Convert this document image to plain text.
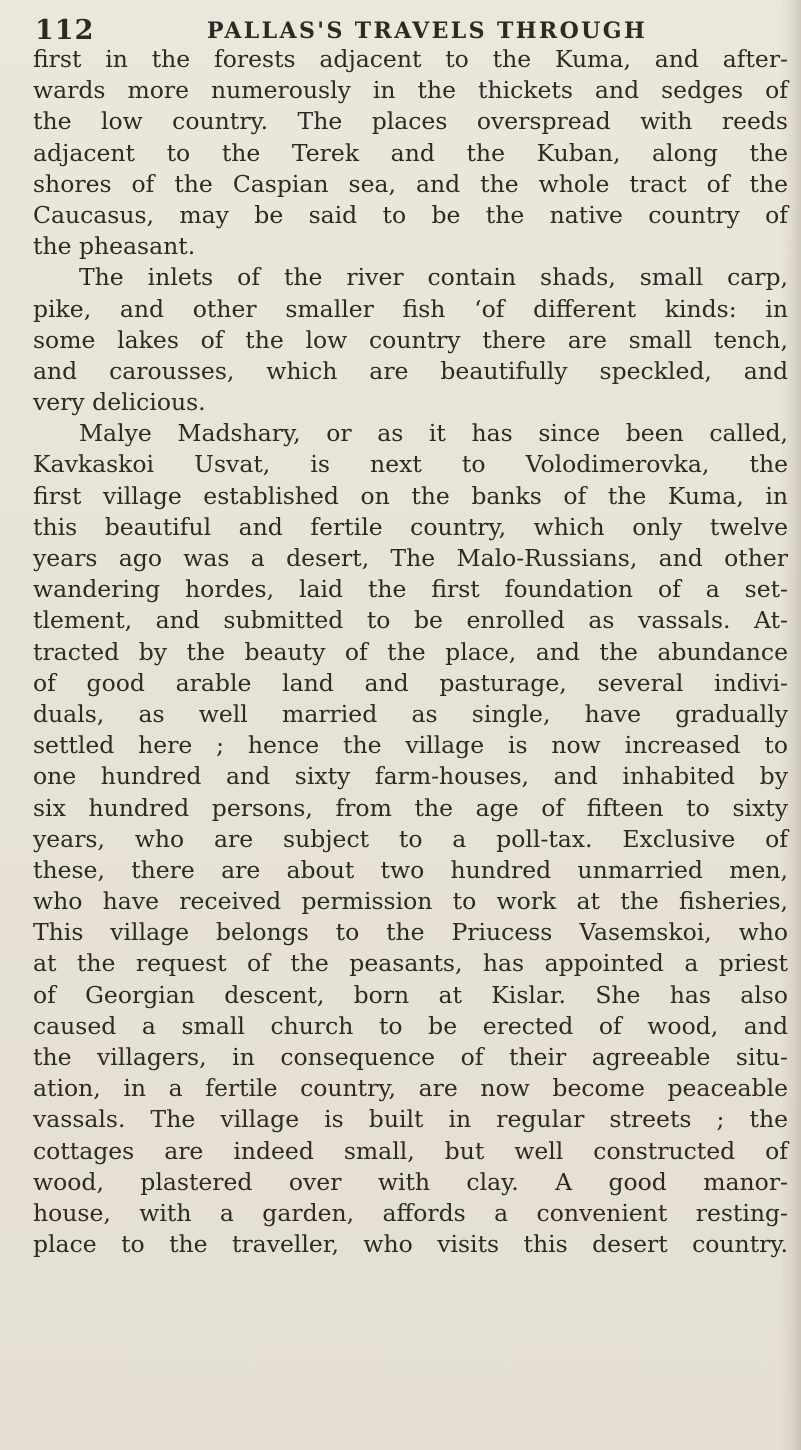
112	PALLAS'S TRAVELS THROUGH
first in the forests adjacent to the Kuma, and after-
wards more numerously in the thickets and sedges of
the low country. The places overspread with reeds
adjacent to the Terek and the Kuban, along the
shores of the Caspian sea, and the whole tract of the
Caucasus, may be said to be the native country of
the pheasant.
The inlets of the river contain shads, small carp,
pike, and other smaller fish ‘of different kinds: in
some lakes of the low country there are small tench,
and carousses, which are beautifully speckled, and
very delicious.
Malye Madshary, or as it has since been called,
Kavkaskoi Usvat, is next to Volodimerovka, the
first village established on the banks of the Kuma, in
this beautiful and fertile country, which only twelve
years ago was a desert, The Malo-Russians, and other
wandering hordes, laid the first foundation of a set-
tlement, and submitted to be enrolled as vassals. At-
tracted by the beauty of the place, and the abundance
of good arable land and pasturage, several indivi-
duals, as well married as single, have gradually
settled here ; hence the village is now increased to
one hundred and sixty farm-houses, and inhabited by
six hundred persons, from the age of fifteen to sixty
years, who are subject to a poll-tax. Exclusive of
these, there are about two hundred unmarried men,
who have received permission to work at the fisheries,
This village belongs to the Priucess Vasemskoi, who
at the request of the peasants, has appointed a priest
of Georgian descent, born at Kislar. She has also
caused a small church to be erected of wood, and
the villagers, in consequence of their agreeable situ-
ation, in a fertile country, are now become peaceable
vassals. The village is built in regular streets ; the
cottages are indeed small, but well constructed of
wood, plastered over with clay. A good manor-
house, with a garden, affords a convenient resting-
place to the traveller, who visits this desert country.
